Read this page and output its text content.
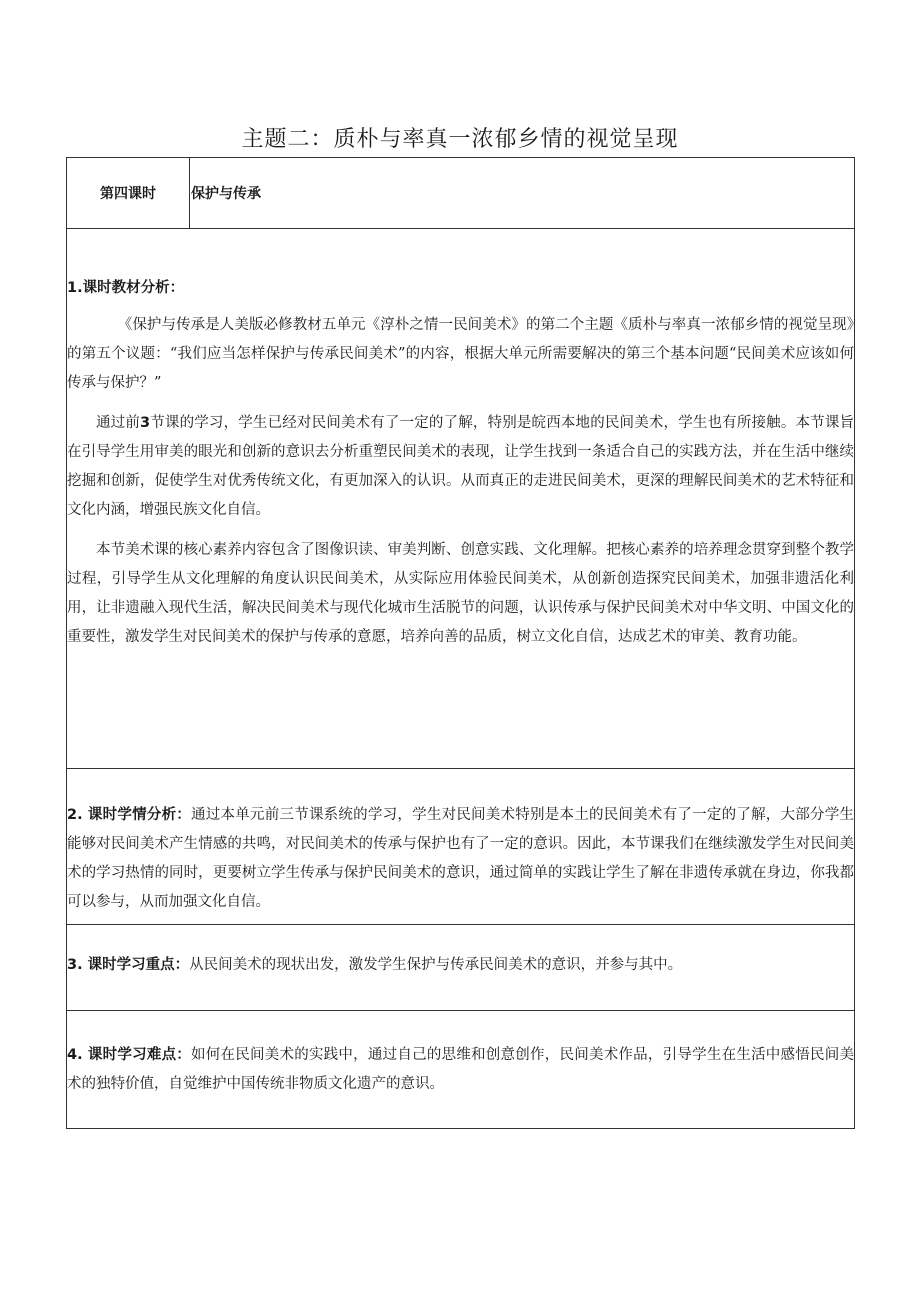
主题二：质朴与率真一浓郁乡情的视觉呈现
第四课时	保护与传承
1.课时教材分析：

《保护与传承是人美版必修教材五单元《淳朴之情一民间美术》的第二个主题《质朴与率真一浓郁乡情的视觉呈现》的第五个议题：“我们应当怎样保护与传承民间美术”的内容，根据大单元所需要解决的第三个基本问题“民间美术应该如何传承与保护？”

通过前3节课的学习，学生已经对民间美术有了一定的了解，特别是皖西本地的民间美术，学生也有所接触。本节课旨在引导学生用审美的眼光和创新的意识去分析重塑民间美术的表现，让学生找到一条适合自己的实践方法，并在生活中继续挖掘和创新，促使学生对优秀传统文化，有更加深入的认识。从而真正的走进民间美术，更深的理解民间美术的艺术特征和文化内涵，增强民族文化自信。

本节美术课的核心素养内容包含了图像识读、审美判断、创意实践、文化理解。把核心素养的培养理念贯穿到整个教学过程，引导学生从文化理解的角度认识民间美术，从实际应用体验民间美术，从创新创造探究民间美术，加强非遗活化利用，让非遗融入现代生活，解决民间美术与现代化城市生活脱节的问题，认识传承与保护民间美术对中华文明、中国文化的重要性，激发学生对民间美术的保护与传承的意愿，培养向善的品质，树立文化自信，达成艺术的审美、教育功能。

2. 课时学情分析：通过本单元前三节课系统的学习，学生对民间美术特别是本土的民间美术有了一定的了解，大部分学生能够对民间美术产生情感的共鸣，对民间美术的传承与保护也有了一定的意识。因此，本节课我们在继续激发学生对民间美术的学习热情的同时，更要树立学生传承与保护民间美术的意识，通过简单的实践让学生了解在非遗传承就在身边，你我都可以参与，从而加强文化自信。

3. 课时学习重点：从民间美术的现状出发，激发学生保护与传承民间美术的意识，并参与其中。

4. 课时学习难点：如何在民间美术的实践中，通过自己的思维和创意创作，民间美术作品，引导学生在生活中感悟民间美术的独特价值，自觉维护中国传统非物质文化遗产的意识。
